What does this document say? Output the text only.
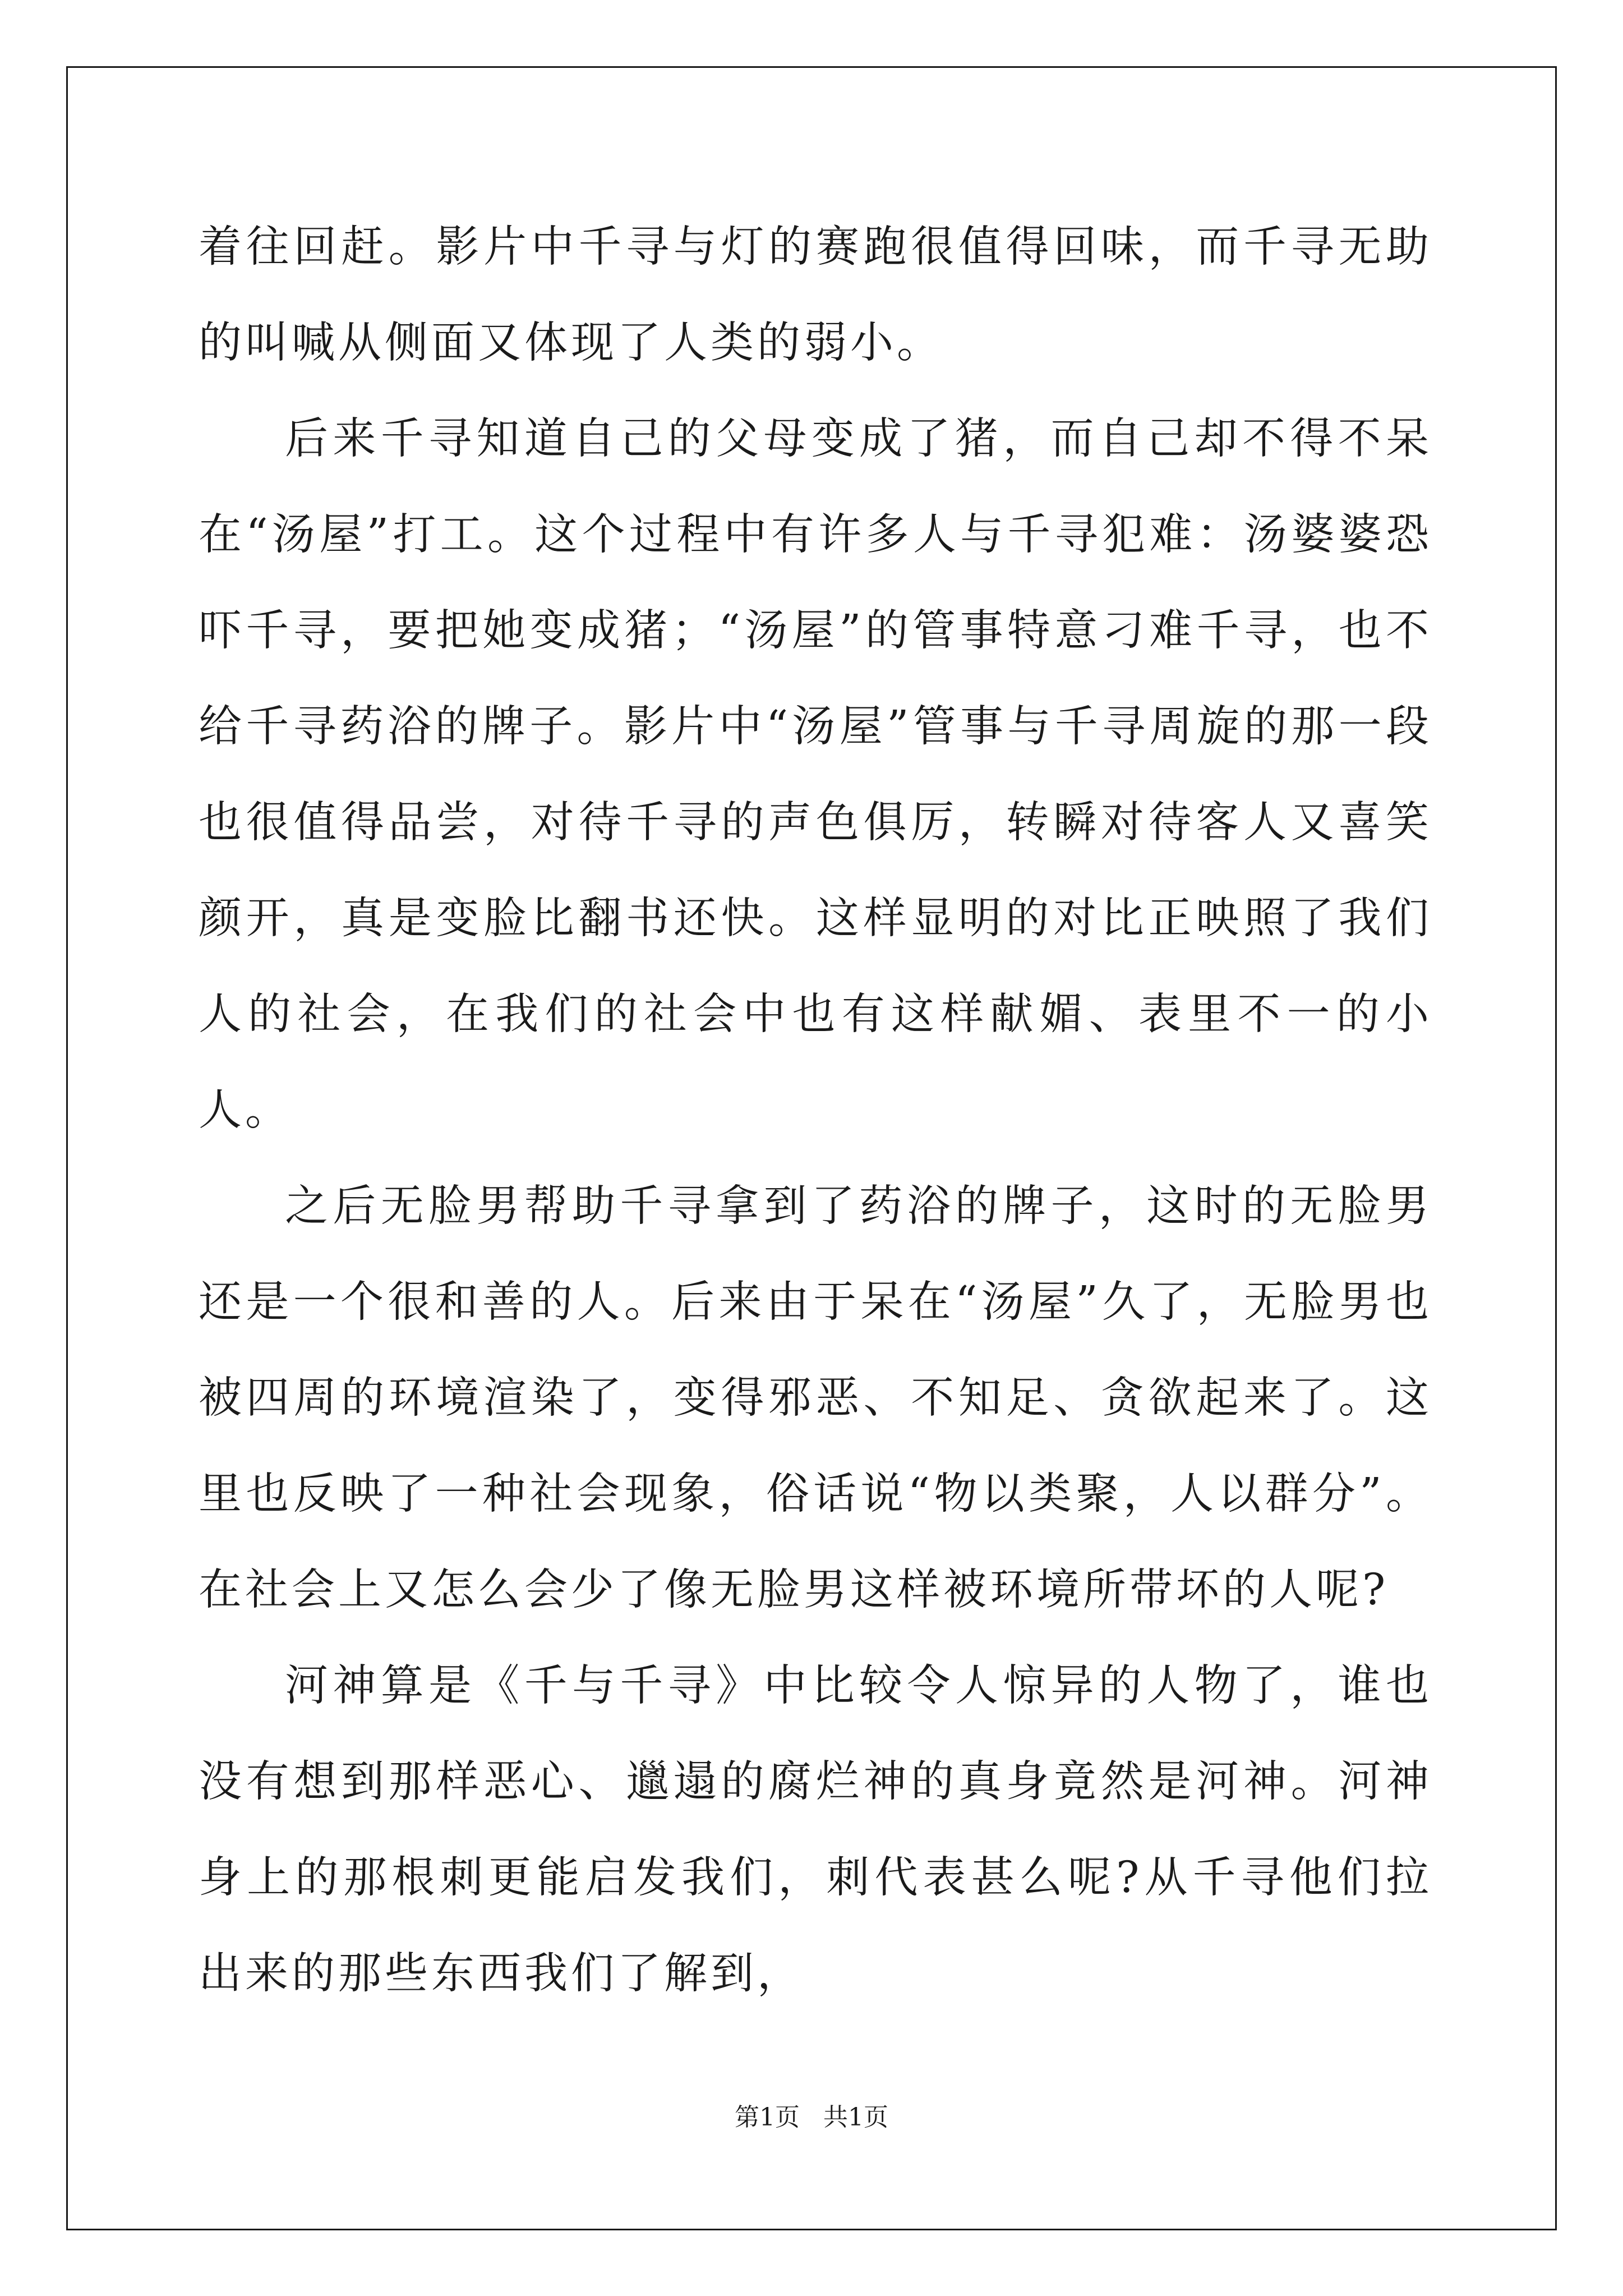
着往回赶。影片中千寻与灯的赛跑很值得回味，而千寻无助的叫喊从侧面又体现了人类的弱小。

后来千寻知道自己的父母变成了猪，而自己却不得不呆在“汤屋”打工。这个过程中有许多人与千寻犯难：汤婆婆恐吓千寻，要把她变成猪；“汤屋”的管事特意刁难千寻，也不给千寻药浴的牌子。影片中“汤屋”管事与千寻周旋的那一段也很值得品尝，对待千寻的声色俱厉，转瞬对待客人又喜笑颜开，真是变脸比翻书还快。这样显明的对比正映照了我们人的社会，在我们的社会中也有这样献媚、表里不一的小人。

之后无脸男帮助千寻拿到了药浴的牌子，这时的无脸男还是一个很和善的人。后来由于呆在“汤屋”久了，无脸男也被四周的环境渲染了，变得邪恶、不知足、贪欲起来了。这里也反映了一种社会现象，俗话说“物以类聚，人以群分”。在社会上又怎么会少了像无脸男这样被环境所带坏的人呢?

河神算是《千与千寻》中比较令人惊异的人物了，谁也没有想到那样恶心、邋遢的腐烂神的真身竟然是河神。河神身上的那根刺更能启发我们，刺代表甚么呢?从千寻他们拉出来的那些东西我们了解到，

第1页   共1页
